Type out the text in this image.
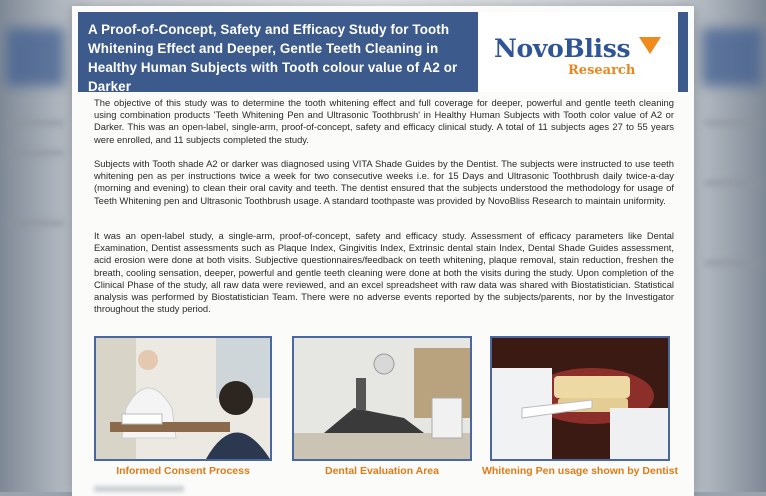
A Proof-of-Concept, Safety and Efficacy Study for Tooth Whitening Effect and Deeper, Gentle Teeth Cleaning in Healthy Human Subjects with Tooth colour value of A2 or Darker
NovoBliss
Research

The objective of this study was to determine the tooth whitening effect and full coverage for deeper, powerful and gentle teeth cleaning using combination products 'Teeth Whitening Pen and Ultrasonic Toothbrush' in Healthy Human Subjects with Tooth color value of A2 or Darker. This was an open-label, single-arm, proof-of-concept, safety and efficacy clinical study. A total of 11 subjects ages 27 to 55 years were enrolled, and 11 subjects completed the study.

Subjects with Tooth shade A2 or darker was diagnosed using VITA Shade Guides by the Dentist. The subjects were instructed to use teeth whitening pen as per instructions twice a week for two consecutive weeks i.e. for 15 Days and Ultrasonic Toothbrush daily twice-a-day (morning and evening) to clean their oral cavity and teeth. The dentist ensured that the subjects understood the methodology for usage of Teeth Whitening pen and Ultrasonic Toothbrush usage. A standard toothpaste was provided by NovoBliss Research to maintain uniformity.

It was an open-label study, a single-arm, proof-of-concept, safety and efficacy study. Assessment of efficacy parameters like Dental Examination, Dentist assessments such as Plaque Index, Gingivitis Index, Extrinsic dental stain Index, Dental Shade Guides assessment, acid erosion were done at both visits. Subjective questionnaires/feedback on teeth whitening, plaque removal, stain reduction, freshen the breath, cooling sensation, deeper, powerful and gentle teeth cleaning were done at both the visits during the study. Upon completion of the Clinical Phase of the study, all raw data were reviewed, and an excel spreadsheet with raw data was shared with Biostatistician. Statistical analysis was performed by Biostatistician Team. There were no adverse events reported by the subjects/parents, nor by the Investigator throughout the study period.

Informed Consent Process	Dental Evaluation Area	Whitening Pen usage shown by Dentist
